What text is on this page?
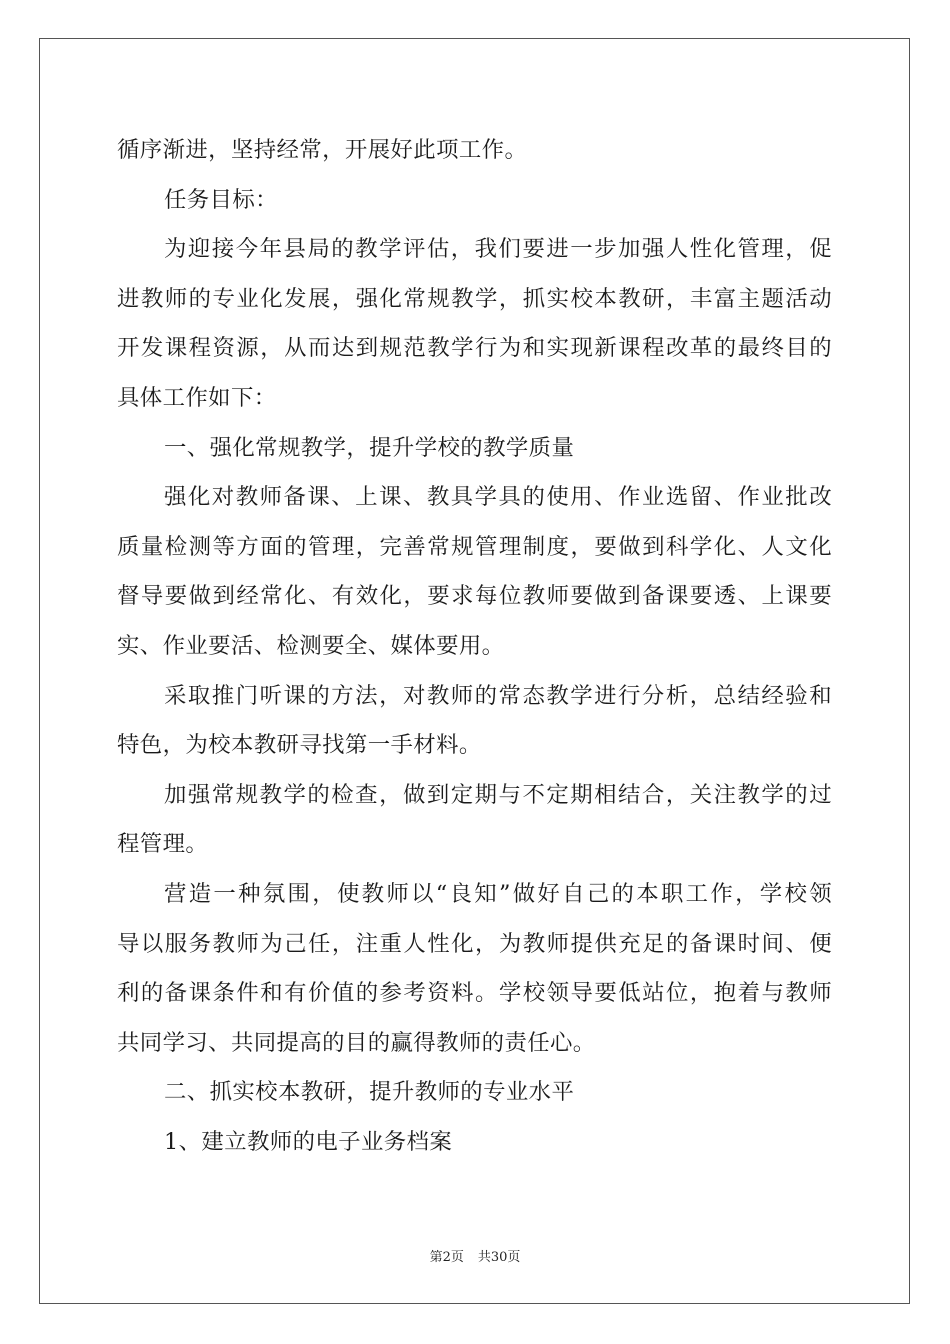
循序渐进，坚持经常，开展好此项工作。
任务目标：
为迎接今年县局的教学评估，我们要进一步加强人性化管理，促
进教师的专业化发展，强化常规教学，抓实校本教研，丰富主题活动
开发课程资源，从而达到规范教学行为和实现新课程改革的最终目的
具体工作如下：
一、强化常规教学，提升学校的教学质量
强化对教师备课、上课、教具学具的使用、作业选留、作业批改
质量检测等方面的管理，完善常规管理制度，要做到科学化、人文化
督导要做到经常化、有效化，要求每位教师要做到备课要透、上课要
实、作业要活、检测要全、媒体要用。
采取推门听课的方法，对教师的常态教学进行分析，总结经验和
特色，为校本教研寻找第一手材料。
加强常规教学的检查，做到定期与不定期相结合，关注教学的过
程管理。
营造一种氛围，使教师以“良知”做好自己的本职工作，学校领
导以服务教师为己任，注重人性化，为教师提供充足的备课时间、便
利的备课条件和有价值的参考资料。学校领导要低站位，抱着与教师
共同学习、共同提高的目的赢得教师的责任心。
二、抓实校本教研，提升教师的专业水平
1、建立教师的电子业务档案
第2页 共30页
